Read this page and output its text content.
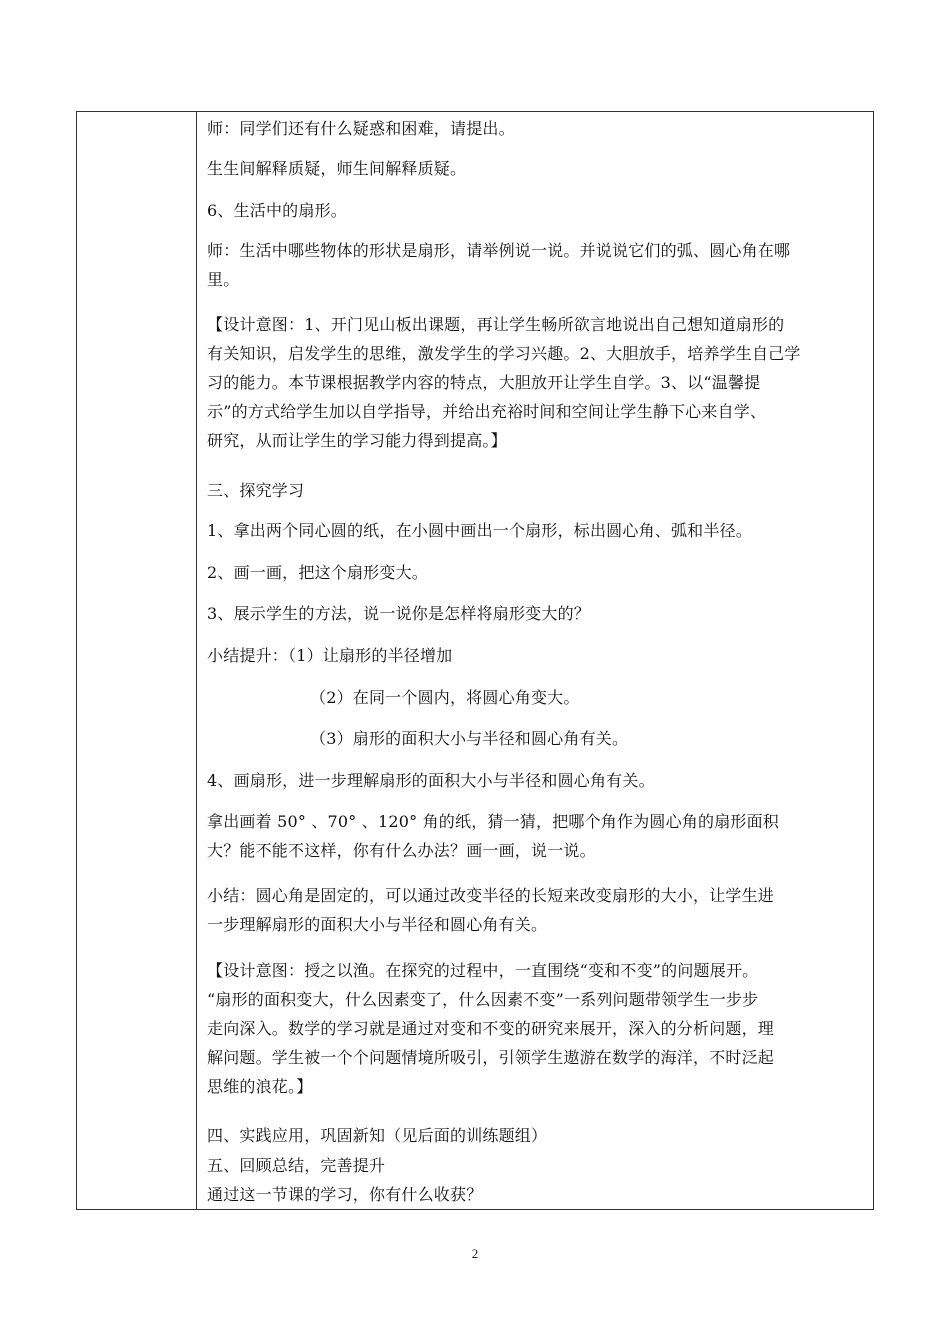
师：同学们还有什么疑惑和困难，请提出。

生生间解释质疑，师生间解释质疑。

6、生活中的扇形。

师：生活中哪些物体的形状是扇形，请举例说一说。并说说它们的弧、圆心角在哪
里。

【设计意图：1、开门见山板出课题，再让学生畅所欲言地说出自己想知道扇形的
有关知识，启发学生的思维，激发学生的学习兴趣。2、大胆放手，培养学生自己学
习的能力。本节课根据教学内容的特点，大胆放开让学生自学。3、以“温馨提
示”的方式给学生加以自学指导，并给出充裕时间和空间让学生静下心来自学、
研究，从而让学生的学习能力得到提高。】

三、探究学习

1、拿出两个同心圆的纸，在小圆中画出一个扇形，标出圆心角、弧和半径。

2、画一画，把这个扇形变大。

3、展示学生的方法，说一说你是怎样将扇形变大的？

小结提升：（1）让扇形的半径增加

（2）在同一个圆内，将圆心角变大。

（3）扇形的面积大小与半径和圆心角有关。

4、画扇形，进一步理解扇形的面积大小与半径和圆心角有关。

拿出画着 50° 、70° 、120° 角的纸，猜一猜，把哪个角作为圆心角的扇形面积
大？能不能不这样，你有什么办法？画一画，说一说。

小结：圆心角是固定的，可以通过改变半径的长短来改变扇形的大小，让学生进
一步理解扇形的面积大小与半径和圆心角有关。

【设计意图：授之以渔。在探究的过程中，一直围绕“变和不变”的问题展开。
“扇形的面积变大，什么因素变了，什么因素不变”一系列问题带领学生一步步
走向深入。数学的学习就是通过对变和不变的研究来展开，深入的分析问题，理
解问题。学生被一个个问题情境所吸引，引领学生遨游在数学的海洋，不时泛起
思维的浪花。】

四、实践应用，巩固新知（见后面的训练题组）

五、回顾总结，完善提升

通过这一节课的学习，你有什么收获？

2
